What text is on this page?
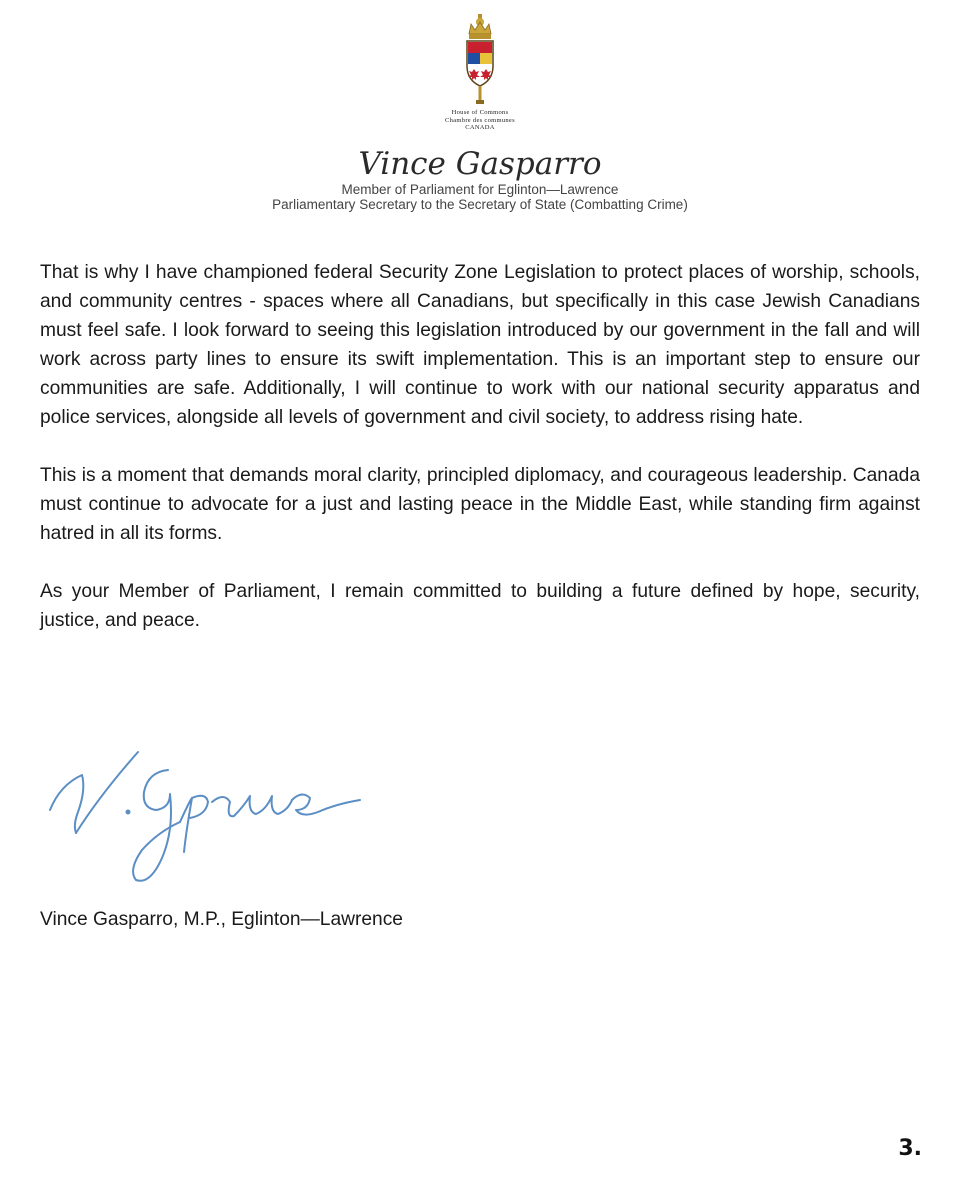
House of Commons
Chambre des communes
CANADA
Vince Gasparro
Member of Parliament for Eglinton—Lawrence
Parliamentary Secretary to the Secretary of State (Combatting Crime)

That is why I have championed federal Security Zone Legislation to protect places of worship, schools, and community centres - spaces where all Canadians, but specifically in this case Jewish Canadians must feel safe. I look forward to seeing this legislation introduced by our government in the fall and will work across party lines to ensure its swift implementation. This is an important step to ensure our communities are safe. Additionally, I will continue to work with our national security apparatus and police services, alongside all levels of government and civil society, to address rising hate.

This is a moment that demands moral clarity, principled diplomacy, and courageous leadership. Canada must continue to advocate for a just and lasting peace in the Middle East, while standing firm against hatred in all its forms.

As your Member of Parliament, I remain committed to building a future defined by hope, security, justice, and peace.

Vince Gasparro, M.P., Eglinton—Lawrence
3.
